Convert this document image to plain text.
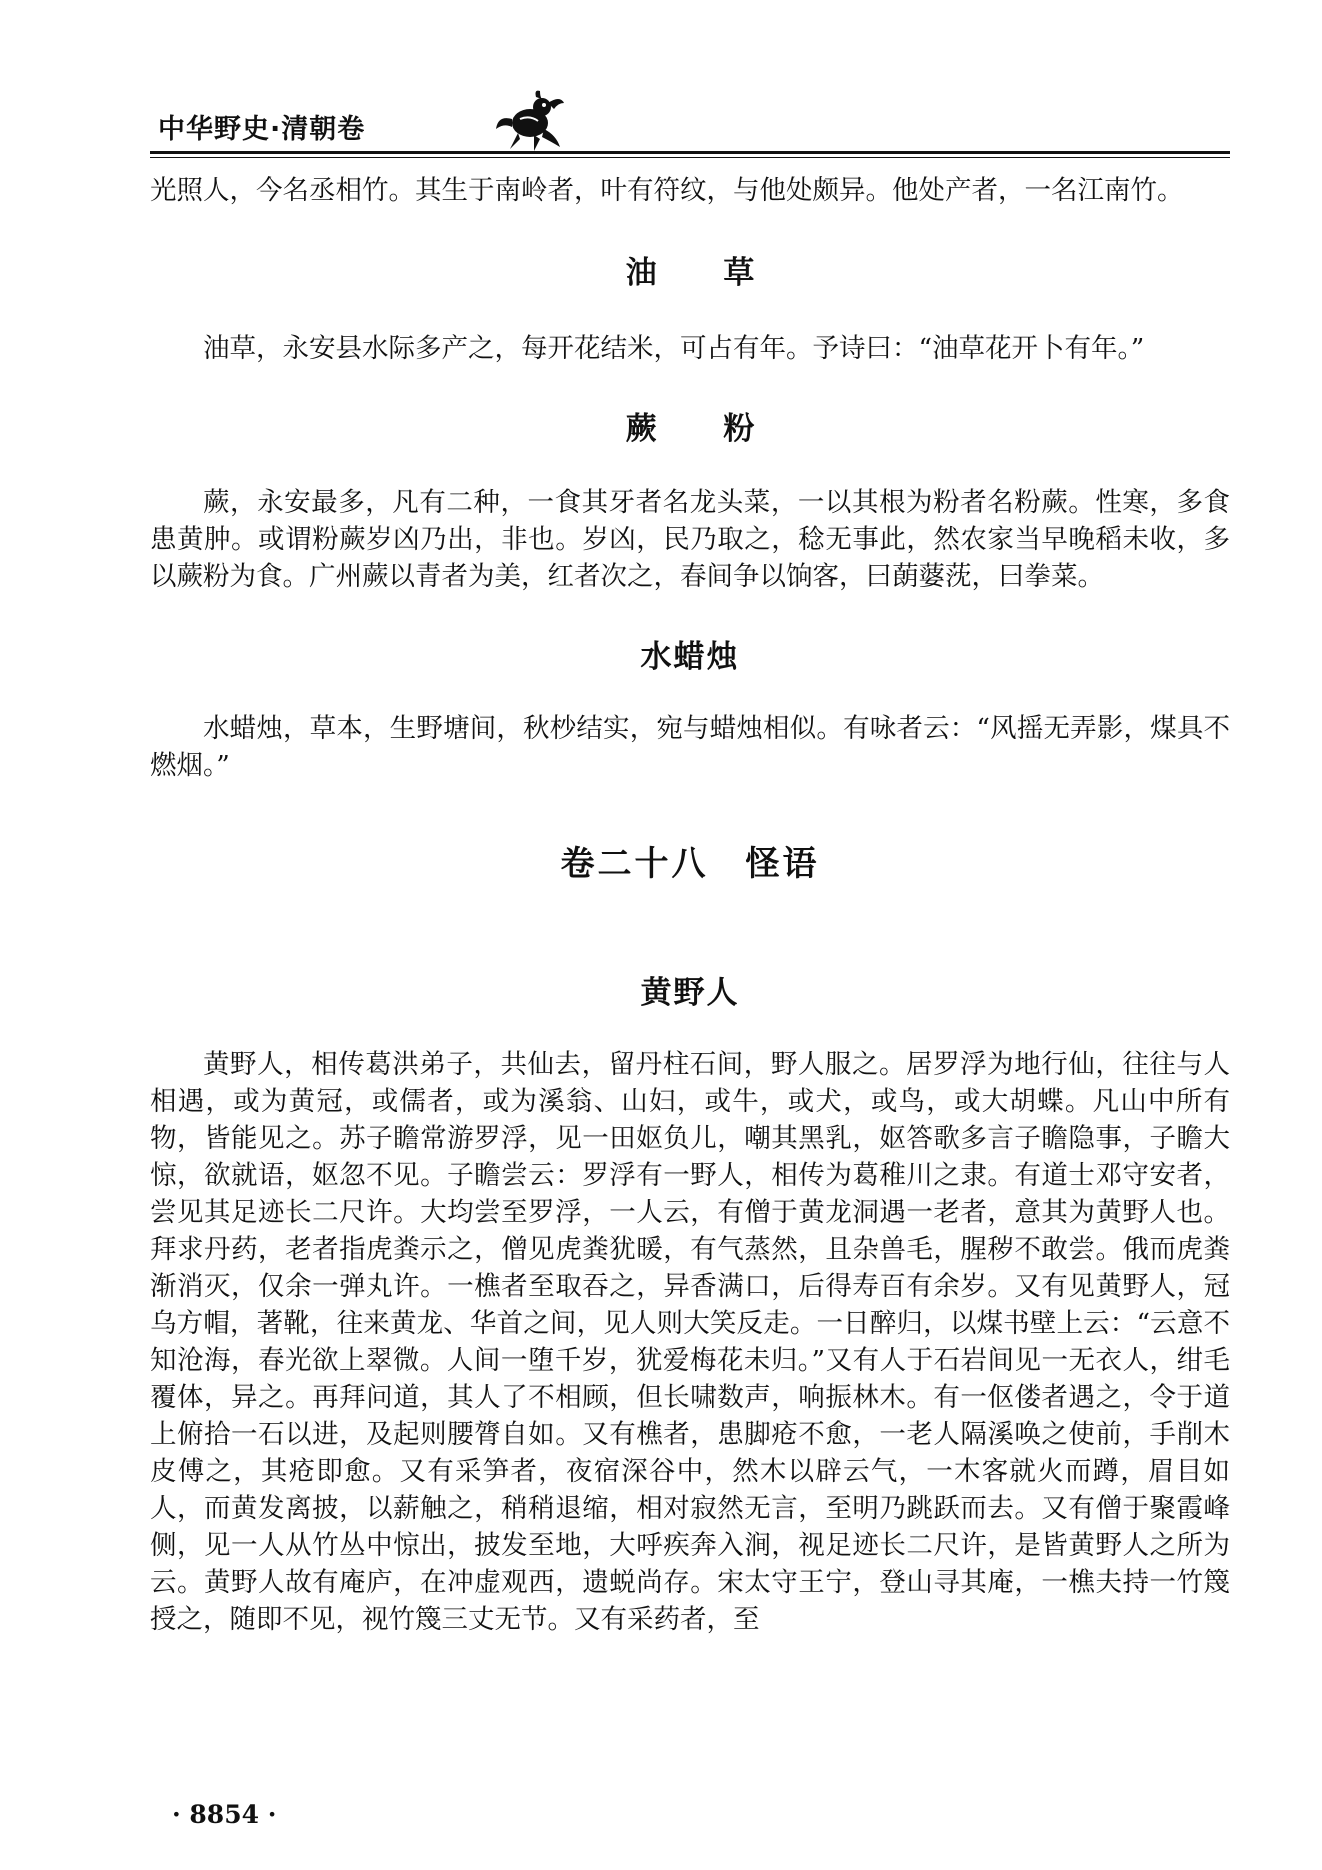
中华野史·清朝卷

光照人，今名丞相竹。其生于南岭者，叶有符纹，与他处颇异。他处产者，一名江南竹。

油 草

油草，永安县水际多产之，每开花结米，可占有年。予诗曰：“油草花开卜有年。”

蕨 粉

蕨，永安最多，凡有二种，一食其牙者名龙头菜，一以其根为粉者名粉蕨。性寒，多食患黄肿。或谓粉蕨岁凶乃出，非也。岁凶，民乃取之，稔无事此，然农家当早晚稻未收，多以蕨粉为食。广州蕨以青者为美，红者次之，春间争以饷客，曰蓢蔢莐，曰拳菜。

水蜡烛

水蜡烛，草本，生野塘间，秋杪结实，宛与蜡烛相似。有咏者云：“风摇无弄影，煤具不燃烟。”

卷二十八　怪语
黄野人

黄野人，相传葛洪弟子，共仙去，留丹柱石间，野人服之。居罗浮为地行仙，往往与人相遇，或为黄冠，或儒者，或为溪翁、山妇，或牛，或犬，或鸟，或大胡蝶。凡山中所有物，皆能见之。苏子瞻常游罗浮，见一田妪负儿，嘲其黑乳，妪答歌多言子瞻隐事，子瞻大惊，欲就语，妪忽不见。子瞻尝云：罗浮有一野人，相传为葛稚川之隶。有道士邓守安者，尝见其足迹长二尺许。大均尝至罗浮，一人云，有僧于黄龙洞遇一老者，意其为黄野人也。拜求丹药，老者指虎粪示之，僧见虎粪犹暖，有气蒸然，且杂兽毛，腥秽不敢尝。俄而虎粪渐消灭，仅余一弹丸许。一樵者至取吞之，异香满口，后得寿百有余岁。又有见黄野人，冠乌方帽，著靴，往来黄龙、华首之间，见人则大笑反走。一日醉归，以煤书壁上云：“云意不知沧海，春光欲上翠微。人间一堕千岁，犹爱梅花未归。”又有人于石岩间见一无衣人，绀毛覆体，异之。再拜问道，其人了不相顾，但长啸数声，响振林木。有一伛偻者遇之，令于道上俯拾一石以进，及起则腰膂自如。又有樵者，患脚疮不愈，一老人隔溪唤之使前，手削木皮傅之，其疮即愈。又有采笋者，夜宿深谷中，然木以辟云气，一木客就火而蹲，眉目如人，而黄发离披，以薪触之，稍稍退缩，相对寂然无言，至明乃跳跃而去。又有僧于聚霞峰侧，见一人从竹丛中惊出，披发至地，大呼疾奔入涧，视足迹长二尺许，是皆黄野人之所为云。黄野人故有庵庐，在冲虚观西，遗蜕尚存。宋太守王宁，登山寻其庵，一樵夫持一竹篾授之，随即不见，视竹篾三丈无节。又有采药者，至

· 8854 ·
